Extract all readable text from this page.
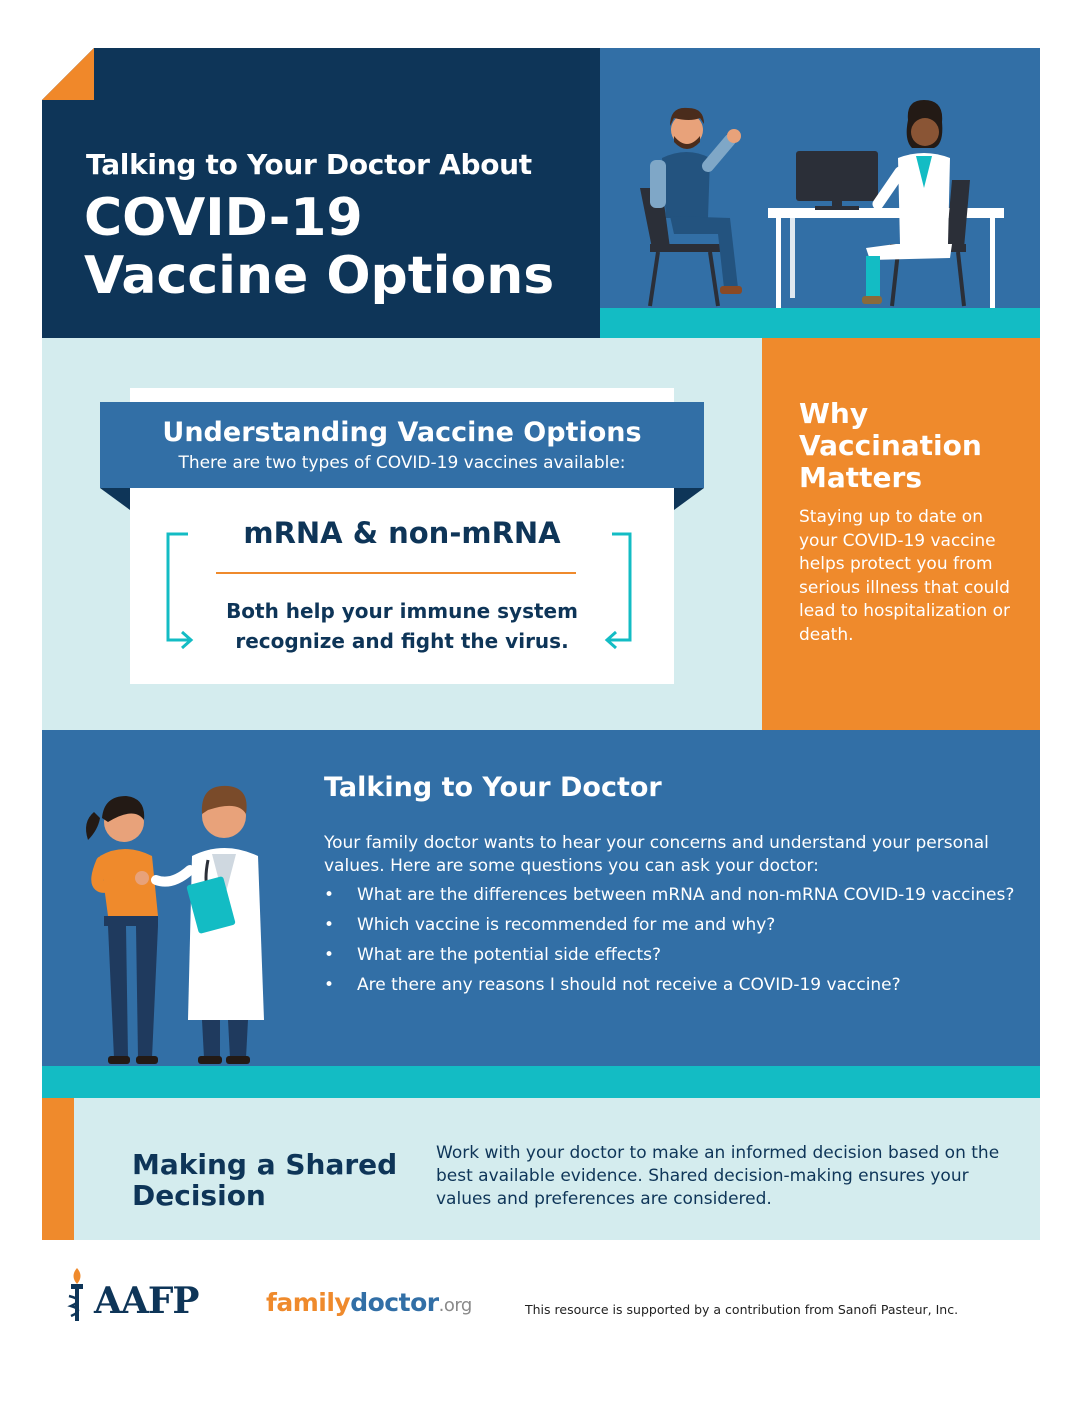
Talking to Your Doctor About
COVID-19
Vaccine Options
Understanding Vaccine Options
There are two types of COVID-19 vaccines available:
mRNA & non-mRNA
Both help your immune system
recognize and fight the virus.
Why Vaccination Matters
Staying up to date on your COVID-19 vaccine helps protect you from serious illness that could lead to hospitalization or death.
Talking to Your Doctor
Your family doctor wants to hear your concerns and understand your personal values. Here are some questions you can ask your doctor:
• What are the differences between mRNA and non-mRNA COVID-19 vaccines?
• Which vaccine is recommended for me and why?
• What are the potential side effects?
• Are there any reasons I should not receive a COVID-19 vaccine?
Making a Shared Decision
Work with your doctor to make an informed decision based on the best available evidence. Shared decision-making ensures your values and preferences are considered.
AAFP	familydoctor.org	This resource is supported by a contribution from Sanofi Pasteur, Inc.
